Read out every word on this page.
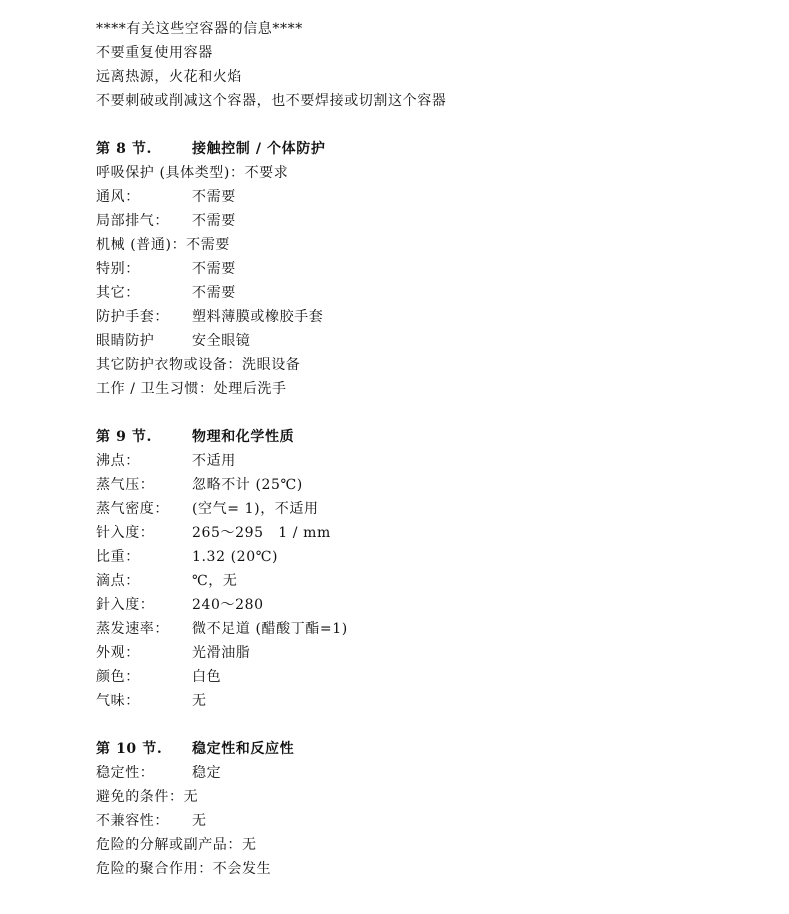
****有关这些空容器的信息****
不要重复使用容器
远离热源，火花和火焰
不要刺破或削减这个容器，也不要焊接或切割这个容器
第 8 节.	接触控制 / 个体防护
呼吸保护 (具体类型)：不要求
通风：	不需要
局部排气： 不需要
机械 (普通)：不需要
特别：	不需要
其它：	不需要
防护手套： 塑料薄膜或橡胶手套
眼睛防护	安全眼镜
其它防护衣物或设备：洗眼设备
工作 / 卫生习惯：处理后洗手
第 9 节.	物理和化学性质
沸点：	不适用
蒸气压：	忽略不计 (25℃)
蒸气密度： (空气= 1)，不适用
针入度：	265～295　1 / mm
比重：	1.32 (20℃)
滴点：	℃，无
針入度：	240～280
蒸发速率： 微不足道 (醋酸丁酯=1)
外观：	光滑油脂
颜色：	白色
气味：	无
第 10 节. 稳定性和反应性
稳定性：	稳定
避免的条件：无
不兼容性： 无
危险的分解或副产品：无
危险的聚合作用：不会发生
